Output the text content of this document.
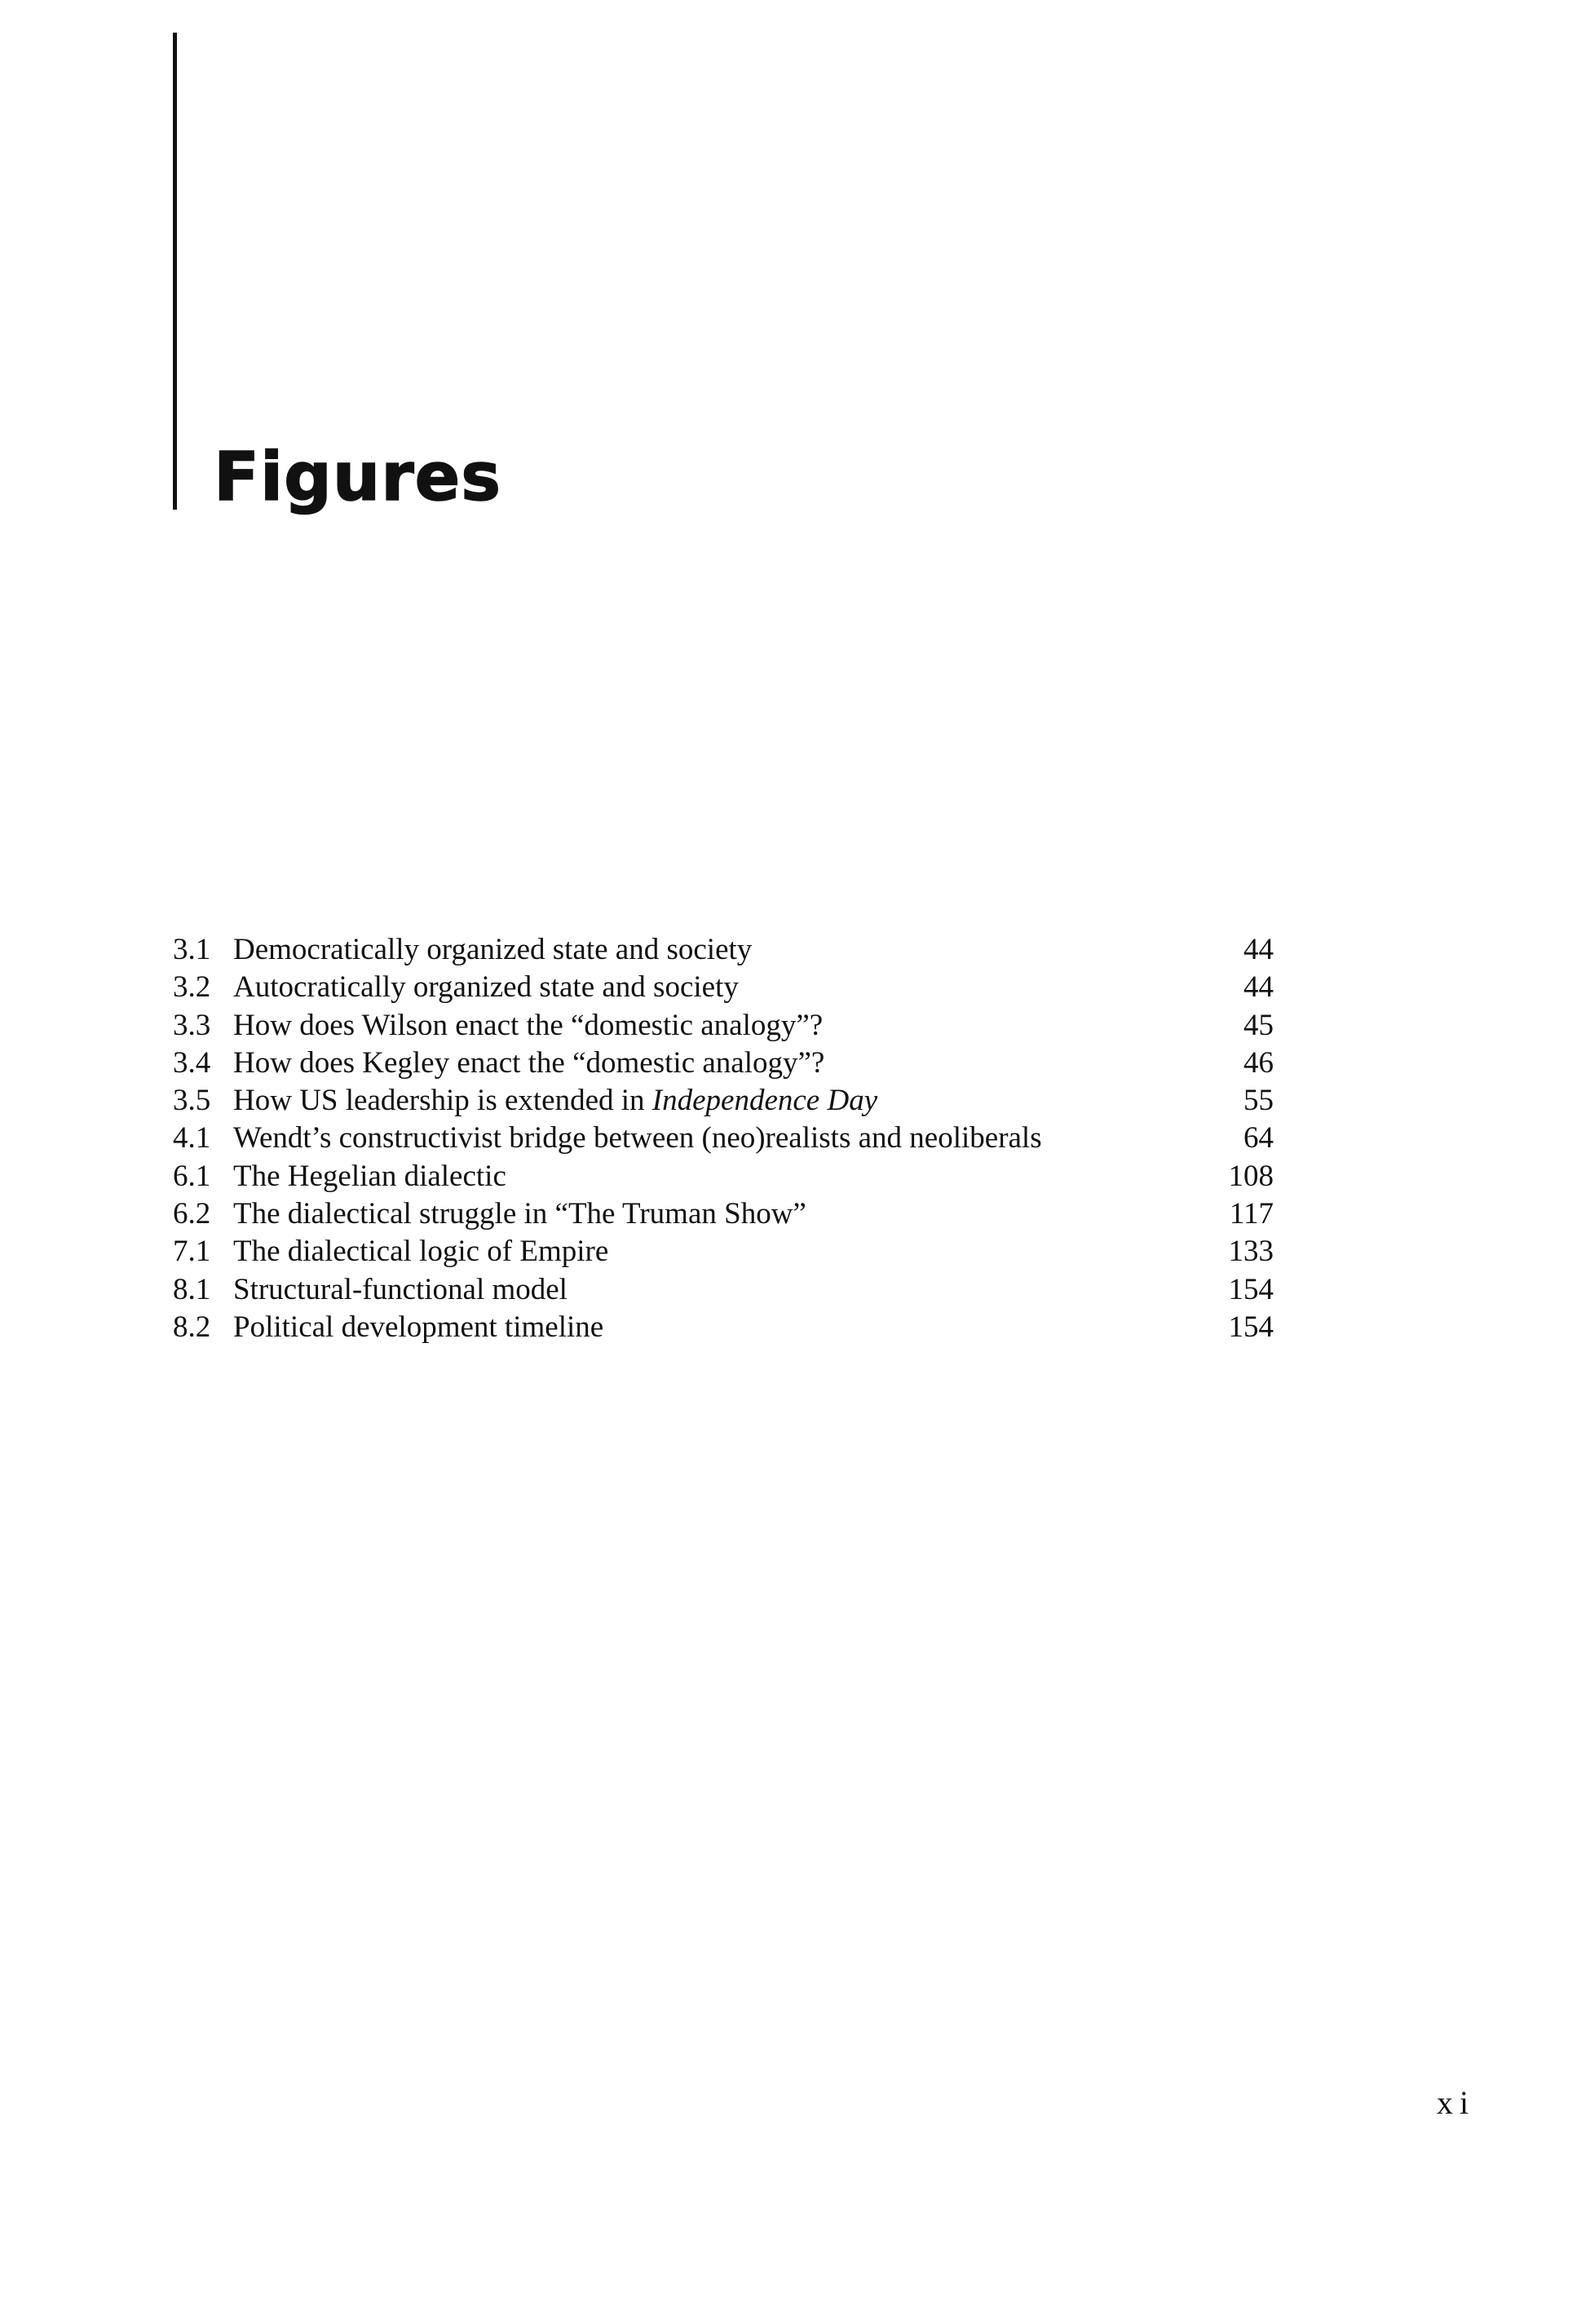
Figures
3.1 Democratically organized state and society	44
3.2 Autocratically organized state and society	44
3.3 How does Wilson enact the “domestic analogy”?	45
3.4 How does Kegley enact the “domestic analogy”?	46
3.5 How US leadership is extended in Independence Day	55
4.1 Wendt’s constructivist bridge between (neo)realists and neoliberals	64
6.1 The Hegelian dialectic	108
6.2 The dialectical struggle in “The Truman Show”	117
7.1 The dialectical logic of Empire	133
8.1 Structural-functional model	154
8.2 Political development timeline	154
xi
